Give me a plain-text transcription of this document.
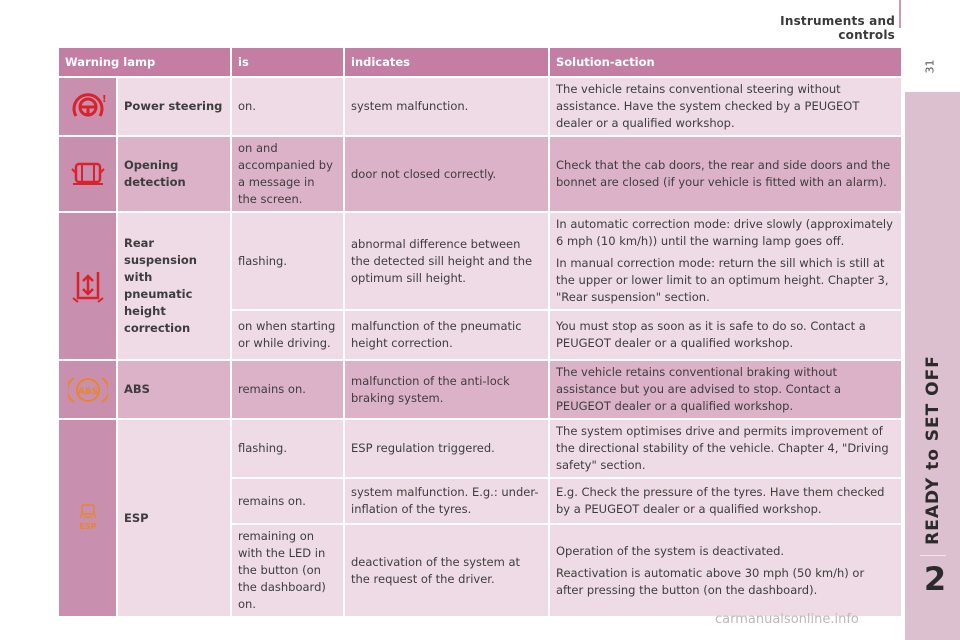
Instruments and controls
31
READY to SET OFF
2
Warning lamp		is	indicates	Solution-action

!	Power steering	on.	system malfunction.	The vehicle retains conventional steering without assistance. Have the system checked by a PEUGEOT dealer or a qualified workshop.

	Opening detection	on and accompanied by a message in the screen.	door not closed correctly.	Check that the cab doors, the rear and side doors and the bonnet are closed (if your vehicle is fitted with an alarm).

	Rear suspension with pneumatic height correction	flashing.	abnormal difference between the detected sill height and the optimum sill height.	In automatic correction mode: drive slowly (approximately 6 mph (10 km/h)) until the warning lamp goes off.

In manual correction mode: return the sill which is still at the upper or lower limit to an optimum height. Chapter 3, "Rear suspension" section.

		on when starting or while driving.	malfunction of the pneumatic height correction.	You must stop as soon as it is safe to do so. Contact a PEUGEOT dealer or a qualified workshop.

ABS	ABS	remains on.	malfunction of the anti-lock braking system.	The vehicle retains conventional braking without assistance but you are advised to stop. Contact a PEUGEOT dealer or a qualified workshop.

ESP	ESP	flashing.	ESP regulation triggered.	The system optimises drive and permits improvement of the directional stability of the vehicle. Chapter 4, "Driving safety" section.

		remains on.	system malfunction. E.g.: under-inflation of the tyres.	E.g. Check the pressure of the tyres. Have them checked by a PEUGEOT dealer or a qualified workshop.

		remaining on with the LED in the button (on the dashboard) on.	deactivation of the system at the request of the driver.	Operation of the system is deactivated.

Reactivation is automatic above 30 mph (50 km/h) or after pressing the button (on the dashboard).

carmanualsonline.info
